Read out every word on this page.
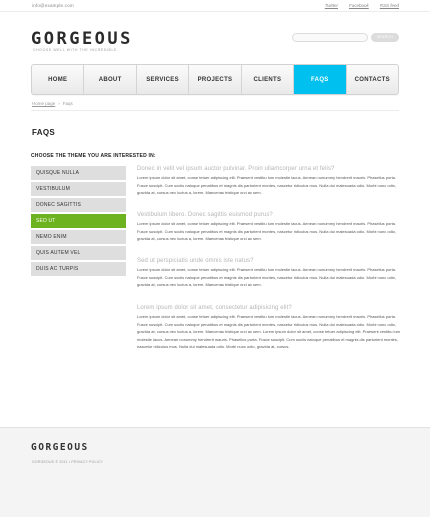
info@example.com	Twitter Facebook RSS feed
GORGEOUS
CHOOSE WELL WITH THE INCREDIBLE
SEARCH
HOME	ABOUT	SERVICES	PROJECTS	CLIENTS	FAQS	CONTACTS
Home page › Faqs
FAQS
CHOOSE THE THEME YOU ARE INTERESTED IN:
QUISQUE NULLA
VESTIBULUM
DONEC SAGITTIS
SED UT
NEMO ENIM
QUIS AUTEM VEL
DUIS AC TURPIS
Donec in velit vel ipsum auctor pulvinar. Proin ullamcorper urna et felis?
Lorem ipsum dolor sit amet, conse tetuer adipiscing elit. Praesent vestibu lum molestie lacus. Aenean nonummy hendrerit mauris. Phasellus porta. Fusce suscipit. Cum sociis natoque penatibus et magnis dis parturient montes, nascetur ridiculus mus. Nulla dui malesuada odio. Morbi nunc odio, gravida at, cursus nec luctus a, lorem. Maecenas tristique orci ac sem.
Vestibulum libero. Donec sagittis euismod purus?
Lorem ipsum dolor sit amet, conse tetuer adipiscing elit. Praesent vestibu lum molestie lacus. Aenean nonummy hendrerit mauris. Phasellus porta. Fusce suscipit. Cum sociis natoque penatibus et magnis dis parturient montes, nascetur ridiculus mus. Nulla dui malesuada odio. Morbi nunc odio, gravida at, cursus nec luctus a, lorem. Maecenas tristique orci ac sem.
Sed ut perspiciatis unde omnis iste natus?
Lorem ipsum dolor sit amet, conse tetuer adipiscing elit. Praesent vestibu lum molestie lacus. Aenean nonummy hendrerit mauris. Phasellus porta. Fusce suscipit. Cum sociis natoque penatibus et magnis dis parturient montes, nascetur ridiculus mus. Nulla dui malesuada odio. Morbi nunc odio, gravida at, cursus nec luctus a, lorem. Maecenas tristique orci ac sem.
Lorem ipsum dolor sit amet, consectetur adipisicing elit?
Lorem ipsum dolor sit amet, conse tetuer adipiscing elit. Praesent vestibu lum molestie lacus. Aenean nonummy hendrerit mauris. Phasellus porta. Fusce suscipit. Cum sociis natoque penatibus et magnis dis parturient montes, nascetur ridiculus mus. Nulla dui malesuada odio. Morbi nunc odio, gravida at, cursus nec luctus a, lorem. Maecenas tristique orci ac sem. Lorem ipsum dolor sit amet, conse tetuer adipiscing elit. Praesent vestibu lum molestie lacus. Aenean nonummy hendrerit mauris. Phasellus porta. Fusce suscipit. Cum sociis natoque penatibus et magnis dis parturient montes, nascetur ridiculus mus. Nulla dui malesuada odio. Morbi nunc odio, gravida at, cursus.
GORGEOUS
GORGEOUS © 2011 • PRIVACY POLICY
